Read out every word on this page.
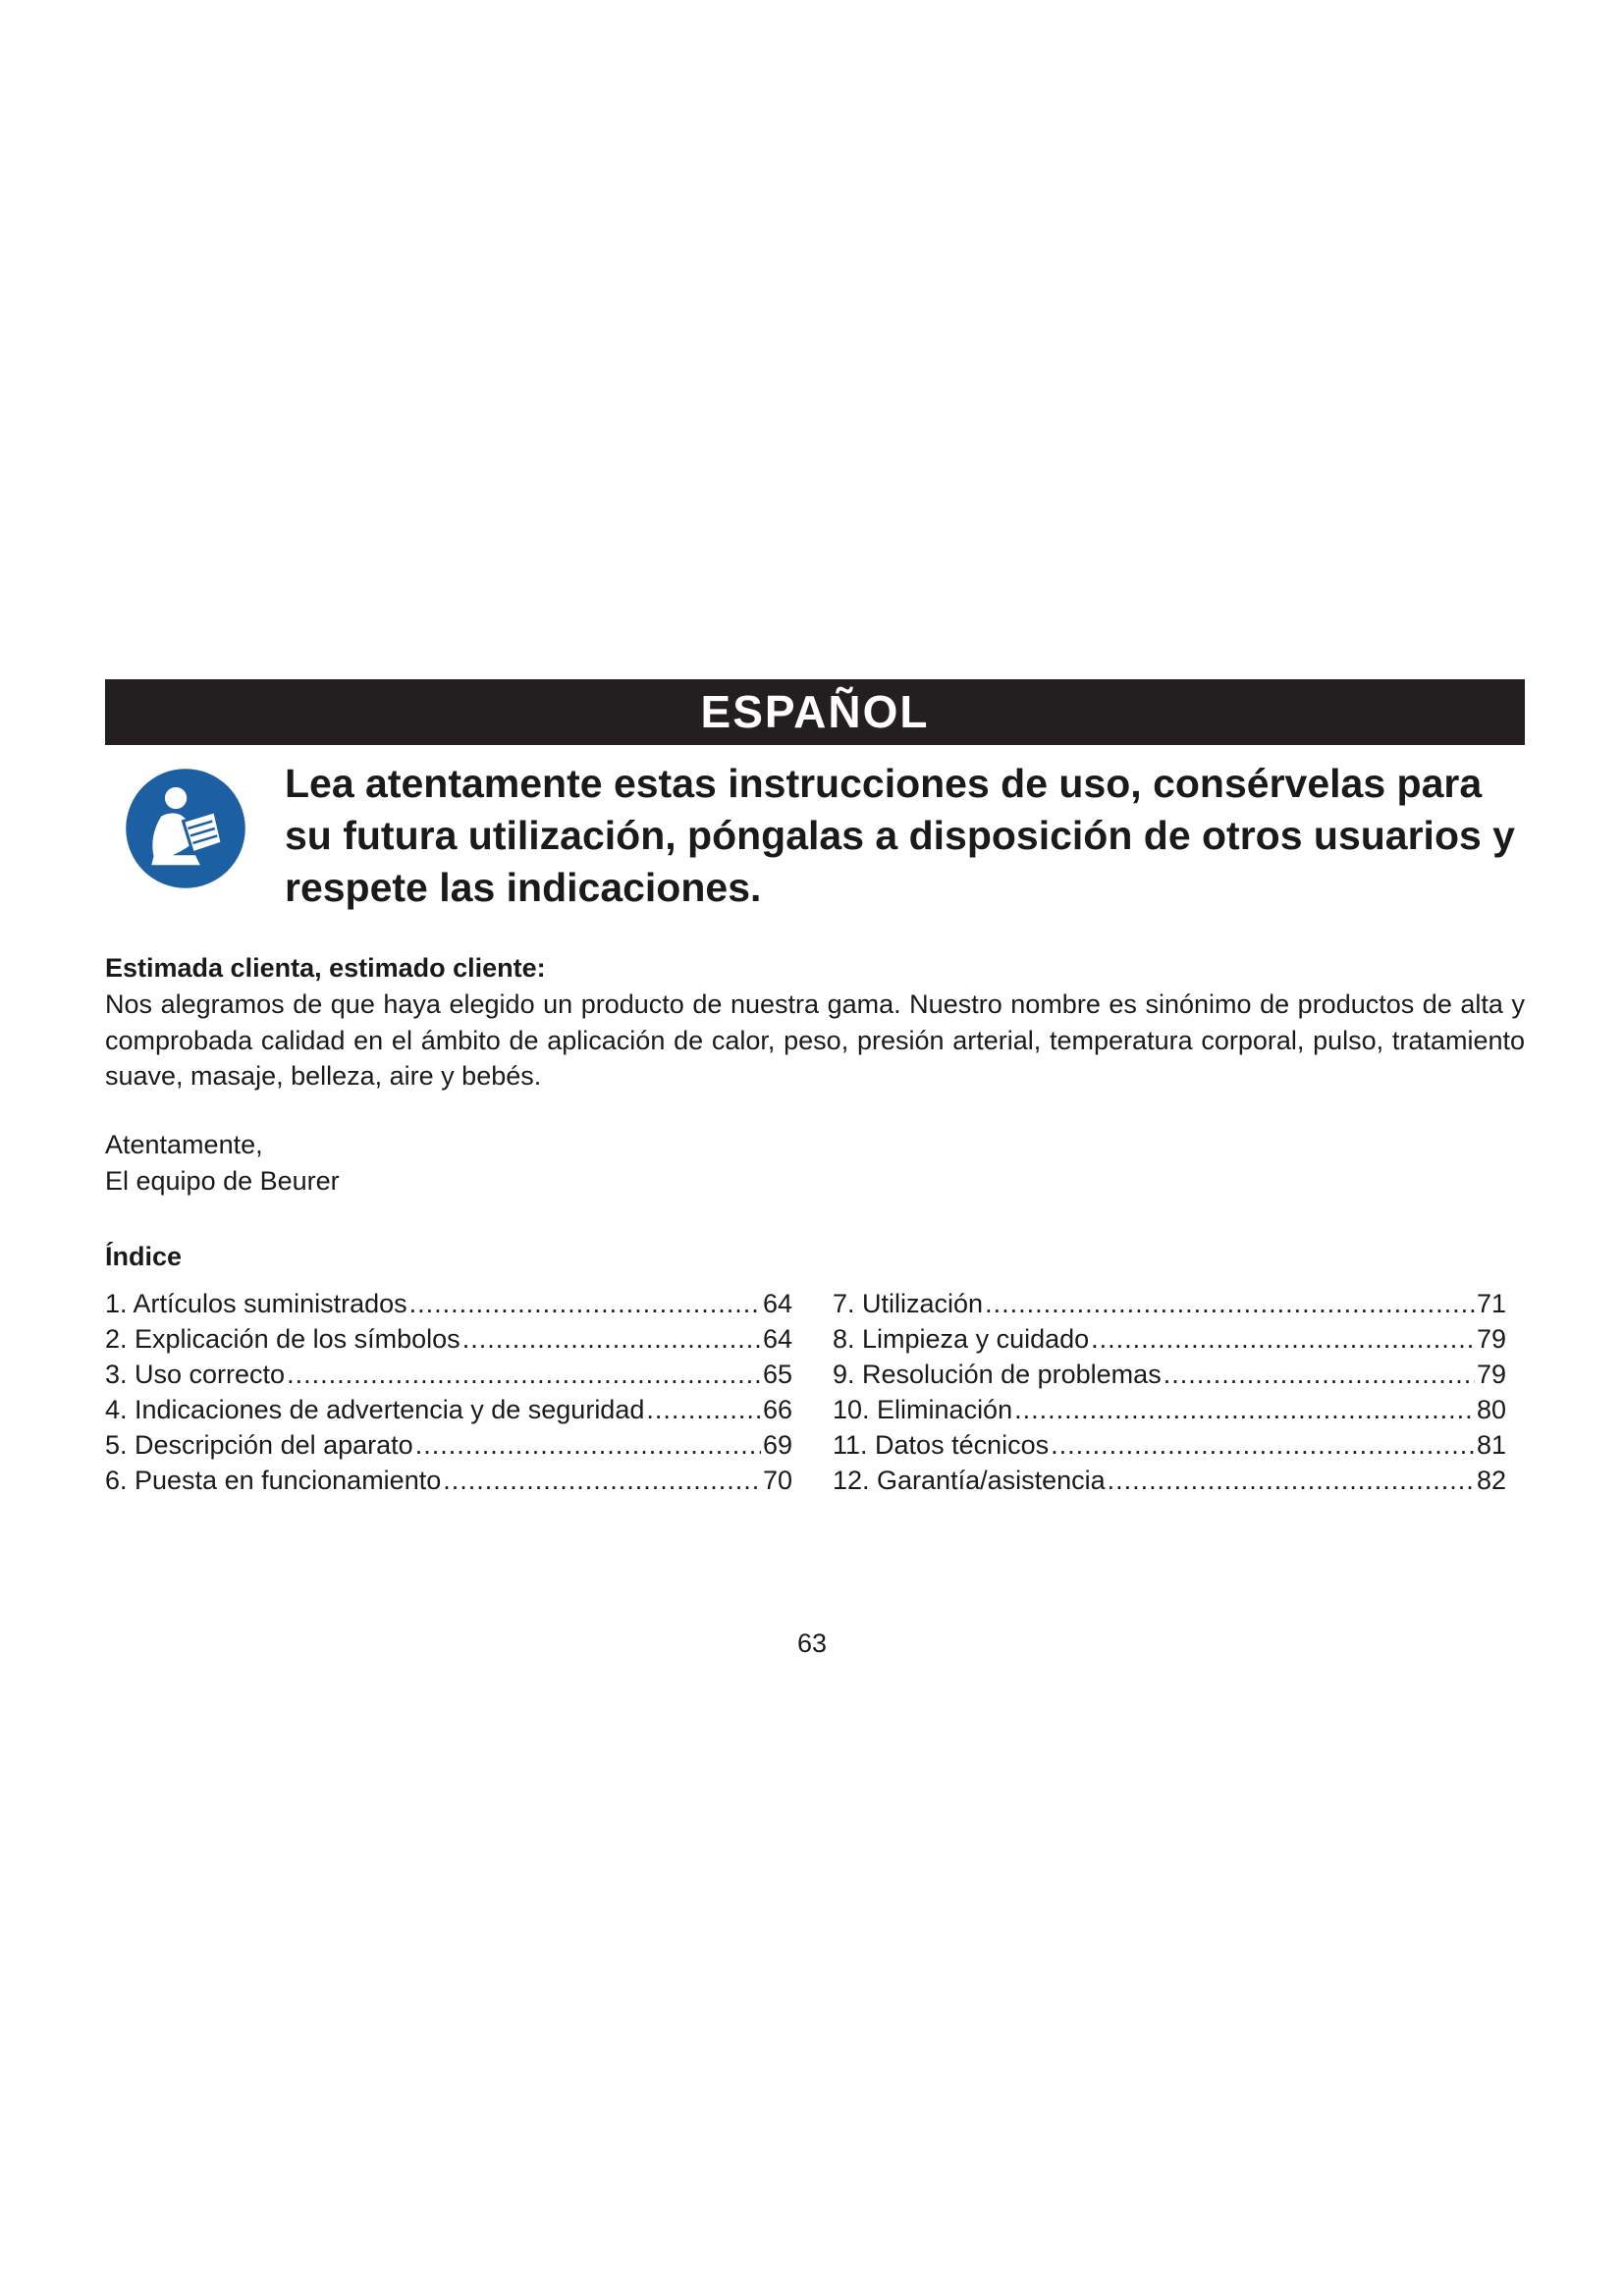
ESPAÑOL
Lea atentamente estas instrucciones de uso, consérvelas para su futura utilización, póngalas a disposición de otros usuarios y respete las indicaciones.
Estimada clienta, estimado cliente:
Nos alegramos de que haya elegido un producto de nuestra gama. Nuestro nombre es sinónimo de productos de alta y comprobada calidad en el ámbito de aplicación de calor, peso, presión arterial, temperatura corporal, pulso, tratamiento suave, masaje, belleza, aire y bebés.
Atentamente,
El equipo de Beurer
Índice
1. Artículos suministrados .....	64
2. Explicación de los símbolos .....	64
3. Uso correcto .....	65
4. Indicaciones de advertencia y de seguridad .....	66
5. Descripción del aparato .....	69
6. Puesta en funcionamiento .....	70
7. Utilización .....	71
8. Limpieza y cuidado .....	79
9. Resolución de problemas .....	79
10. Eliminación .....	80
11. Datos técnicos .....	81
12. Garantía/asistencia .....	82
63
